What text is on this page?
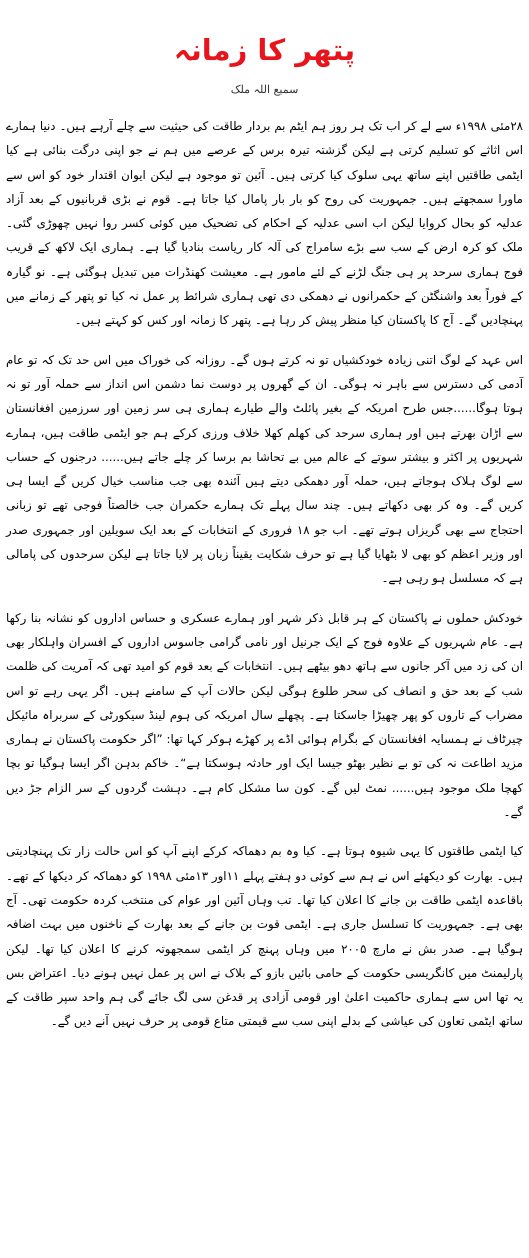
پتھر کا زمانہ
سمیع اللہ ملک

۲۸مئی ۱۹۹۸ء سے لے کر اب تک ہر روز ہم ایٹم بم بردار طاقت کی حیثیت سے چلے آرہے ہیں۔ دنیا ہمارے اس اثاثے کو تسلیم کرتی ہے لیکن گزشتہ تیرہ برس کے عرصے میں ہم نے جو اپنی درگت بنائی ہے کیا ایٹمی طاقتیں اپنے ساتھ یہی سلوک کیا کرتی ہیں۔ آئین تو موجود ہے لیکن ایوان اقتدار خود کو اس سے ماورا سمجھتے ہیں۔ جمہوریت کی روح کو بار بار پامال کیا جاتا ہے۔ قوم نے بڑی قربانیوں کے بعد آزاد عدلیہ کو بحال کروایا لیکن اب اسی عدلیہ کے احکام کی تضحیک میں کوئی کسر روا نہیں چھوڑی گئی۔ ملک کو کرہ ارض کے سب سے بڑے سامراج کی آلہ کار ریاست بنادیا گیا ہے۔ ہماری ایک لاکھ کے قریب فوج ہماری سرحد پر ہی جنگ لڑنے کے لئے مامور ہے۔ معیشت کھنڈرات میں تبدیل ہوگئی ہے۔ نو گیارہ کے فوراً بعد واشنگٹن کے حکمرانوں نے دھمکی دی تھی ہماری شرائط پر عمل نہ کیا تو پتھر کے زمانے میں پہنچادیں گے۔ آج کا پاکستان کیا منظر پیش کر رہا ہے۔ پتھر کا زمانہ اور کس کو کہتے ہیں۔

اس عہد کے لوگ اتنی زیادہ خودکشیاں تو نہ کرتے ہوں گے۔ روزانہ کی خوراک میں اس حد تک کہ تو عام آدمی کی دسترس سے باہر نہ ہوگی۔ ان کے گھروں پر دوست نما دشمن اس انداز سے حملہ آور تو نہ ہوتا ہوگا......جس طرح امریکہ کے بغیر پائلٹ والے طیارے ہماری ہی سر زمین اور سرزمین افغانستان سے اڑان بھرتے ہیں اور ہماری سرحد کی کھلم کھلا خلاف ورزی کرکے ہم جو ایٹمی طاقت ہیں، ہمارے شہریوں پر اکثر و بیشتر سوتے کے عالم میں بے تحاشا بم برسا کر چلے جاتے ہیں...... درجنوں کے حساب سے لوگ ہلاک ہوجاتے ہیں، حملہ آور دھمکی دیتے ہیں آئندہ بھی جب مناسب خیال کریں گے ایسا ہی کریں گے۔ وہ کر بھی دکھاتے ہیں۔ چند سال پہلے تک ہمارے حکمران جب خالصتاً فوجی تھے تو زبانی احتجاج سے بھی گریزاں ہوتے تھے۔ اب جو ۱۸ فروری کے انتخابات کے بعد ایک سویلین اور جمہوری صدر اور وزیر اعظم کو بھی لا بٹھایا گیا ہے تو حرف شکایت یقیناً زبان پر لایا جاتا ہے لیکن سرحدوں کی پامالی ہے کہ مسلسل ہو رہی ہے۔

خودکش حملوں نے پاکستان کے ہر قابل ذکر شہر اور ہمارے عسکری و حساس اداروں کو نشانہ بنا رکھا ہے۔ عام شہریوں کے علاوہ فوج کے ایک جرنیل اور نامی گرامی جاسوس اداروں کے افسران واہلکار بھی ان کی زد میں آکر جانوں سے ہاتھ دھو بیٹھے ہیں۔ انتخابات کے بعد قوم کو امید تھی کہ آمریت کی ظلمت شب کے بعد حق و انصاف کی سحر طلوع ہوگی لیکن حالات آپ کے سامنے ہیں۔ اگر یہی رہے تو اس مضراب کے تاروں کو پھر چھیڑا جاسکتا ہے۔ پچھلے سال امریکہ کی ہوم لینڈ سیکورٹی کے سربراہ مائیکل چیرٹاف نے ہمسایہ افغانستان کے بگرام ہوائی اڈے پر کھڑے ہوکر کہا تھا: ”اگر حکومت پاکستان نے ہماری مزید اطاعت نہ کی تو بے نظیر بھٹو جیسا ایک اور حادثہ ہوسکتا ہے“۔ خاکم بدہن اگر ایسا ہوگیا تو بچا کھچا ملک موجود ہیں...... نمٹ لیں گے۔ کون سا مشکل کام ہے۔ دہشت گردوں کے سر الزام جڑ دیں گے۔

کیا ایٹمی طاقتوں کا یہی شیوہ ہوتا ہے۔ کیا وہ بم دھماکہ کرکے اپنے آپ کو اس حالت زار تک پہنچادیتی ہیں۔ بھارت کو دیکھئے اس نے ہم سے کوئی دو ہفتے پہلے ۱۱اور ۱۳مئی ۱۹۹۸ کو دھماکہ کر دیکھا کے تھے۔ باقاعدہ ایٹمی طاقت بن جانے کا اعلان کیا تھا۔ تب وہاں آئین اور عوام کی منتخب کردہ حکومت تھی۔ آج بھی ہے۔ جمہوریت کا تسلسل جاری ہے۔ ایٹمی قوت بن جانے کے بعد بھارت کے ناخنوں میں بہت اضافہ ہوگیا ہے۔ صدر بش نے مارچ ۲۰۰۵ میں وہاں پہنچ کر ایٹمی سمجھوتہ کرنے کا اعلان کیا تھا۔ لیکن پارلیمنٹ میں کانگریسی حکومت کے حامی بائیں بازو کے بلاک نے اس پر عمل نہیں ہونے دیا۔ اعتراض بس یہ تھا اس سے ہماری حاکمیت اعلیٰ اور قومی آزادی پر قدغن سی لگ جائے گی ہم واحد سپر طاقت کے ساتھ ایٹمی تعاون کی عیاشی کے بدلے اپنی سب سے قیمتی متاع قومی پر حرف نہیں آنے دیں گے۔
